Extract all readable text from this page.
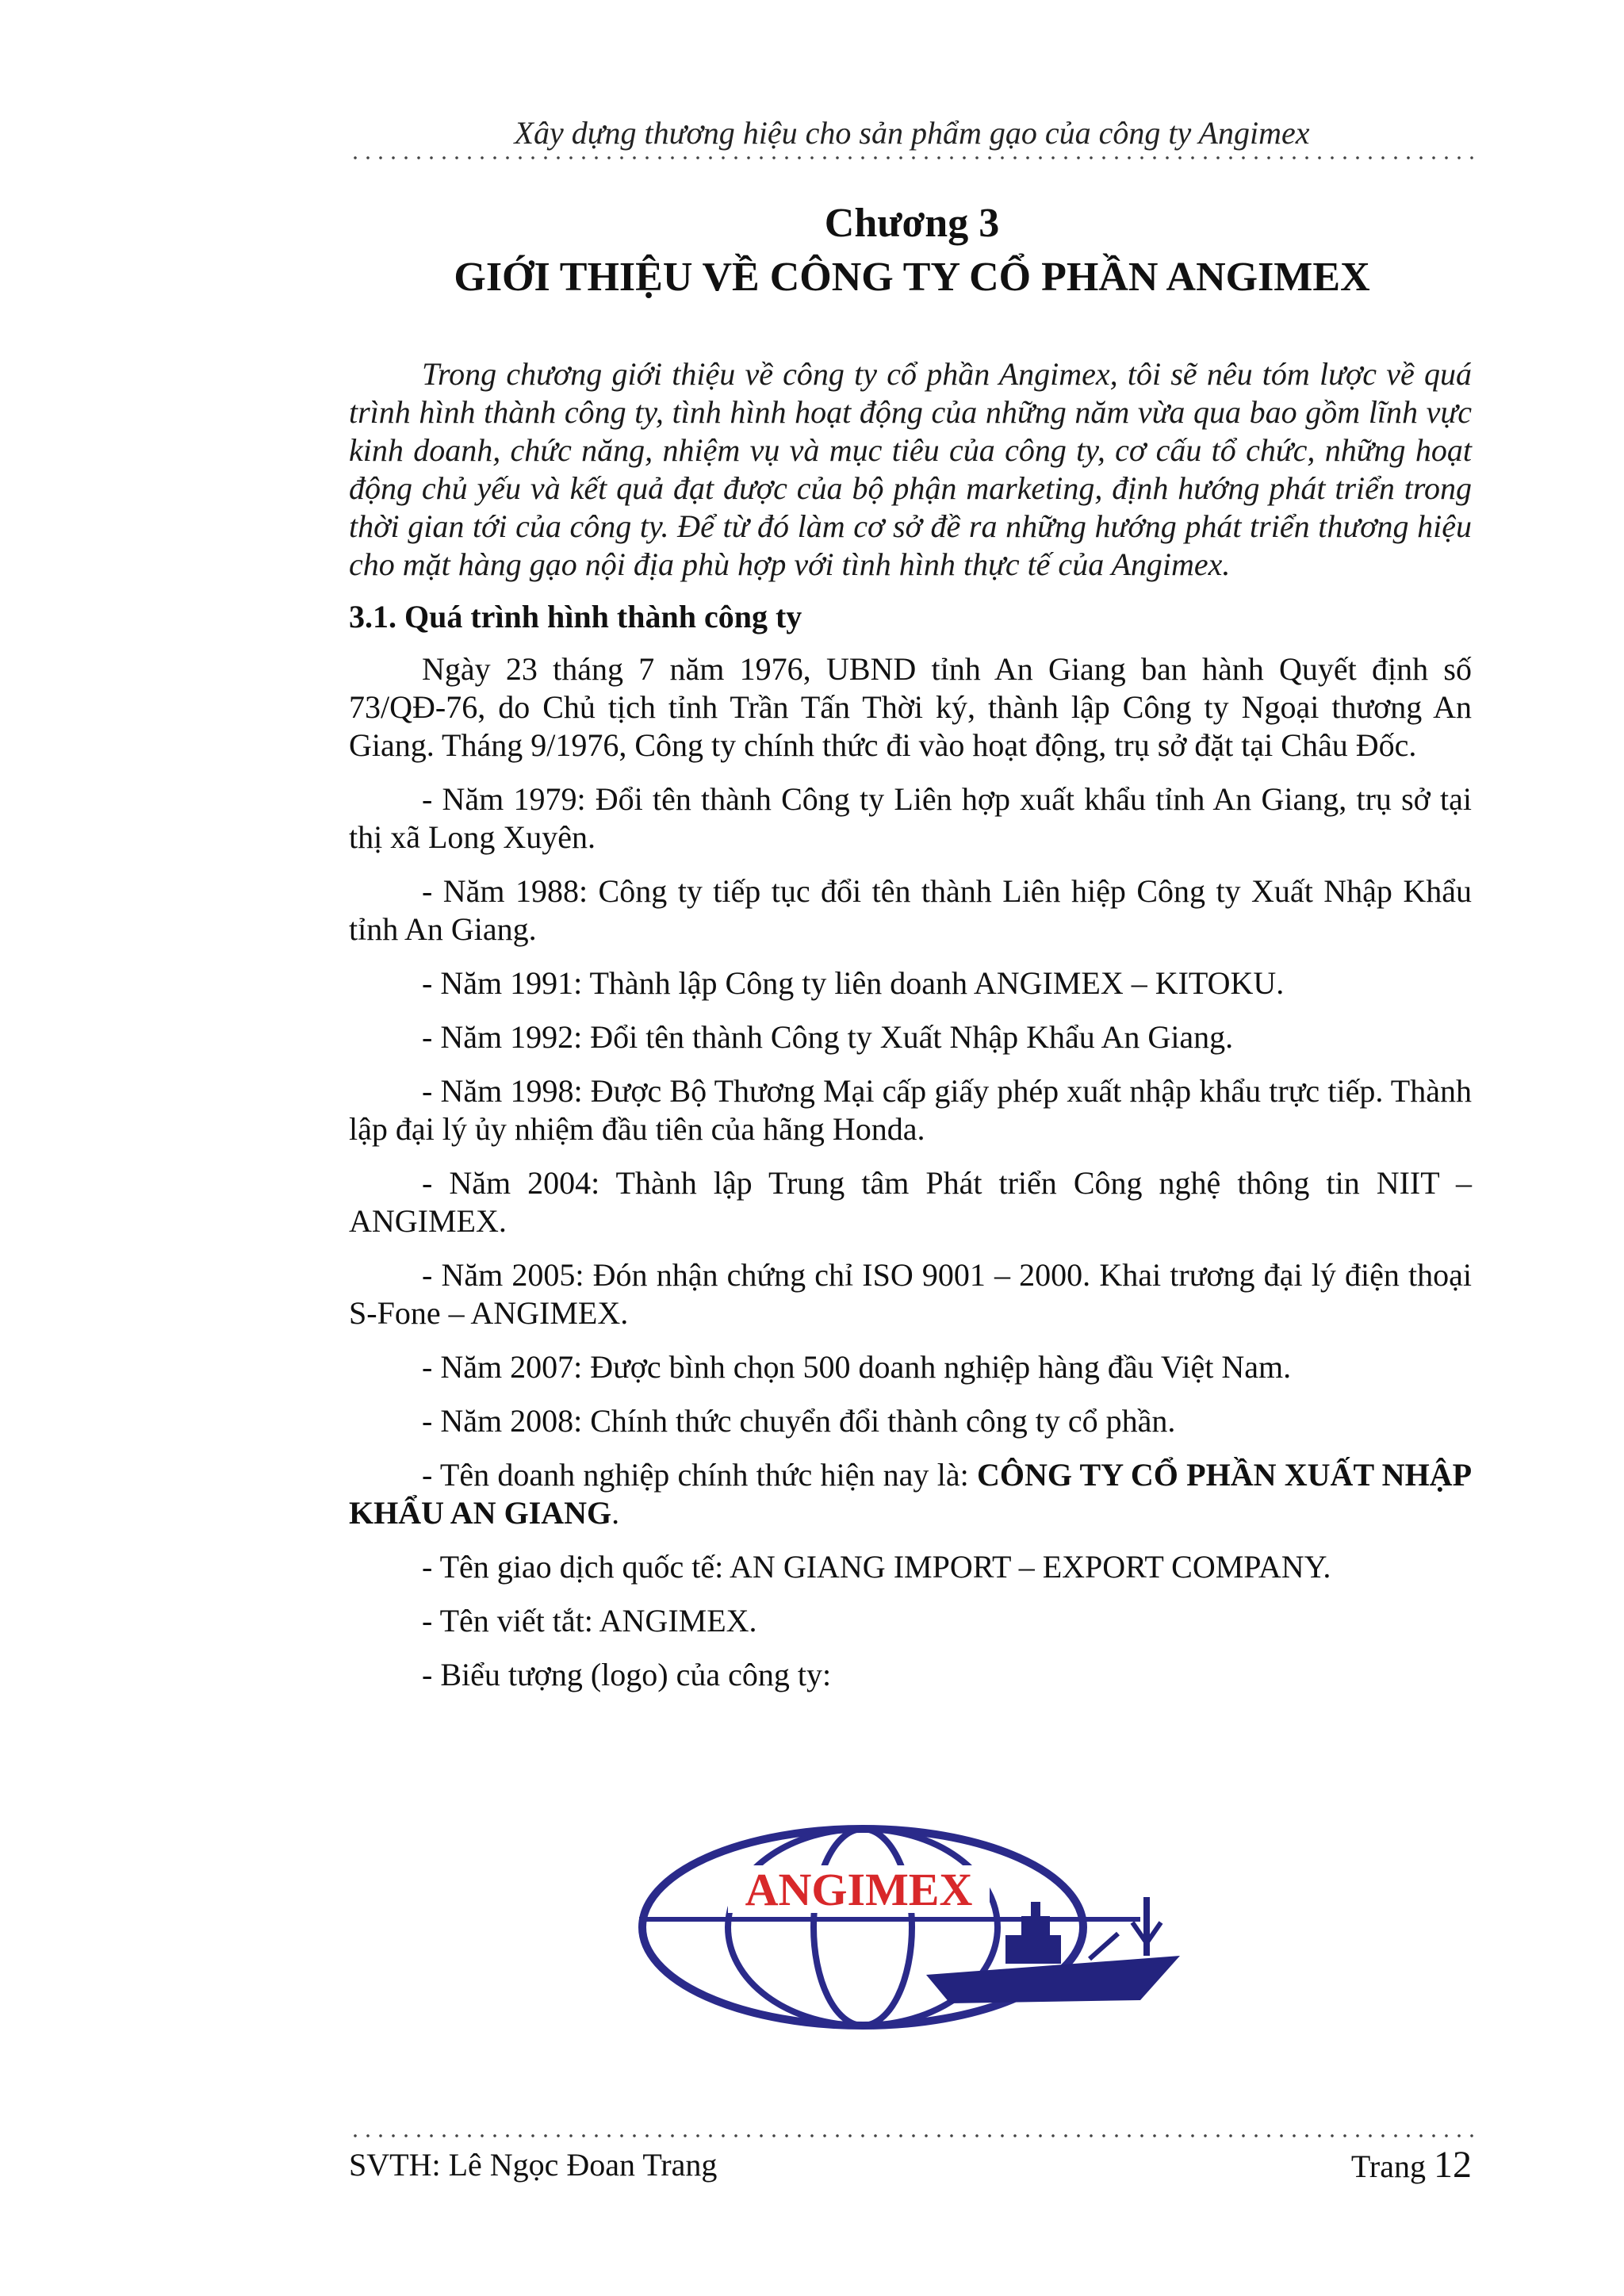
Xây dựng thương hiệu cho sản phẩm gạo của công ty Angimex
Chương 3
GIỚI THIỆU VỀ CÔNG TY CỔ PHẦN ANGIMEX

Trong chương giới thiệu về công ty cổ phần Angimex, tôi sẽ nêu tóm lược về quá trình hình thành công ty, tình hình hoạt động của những năm vừa qua bao gồm lĩnh vực kinh doanh, chức năng, nhiệm vụ và mục tiêu của công ty, cơ cấu tổ chức, những hoạt động chủ yếu và kết quả đạt được của bộ phận marketing, định hướng phát triển trong thời gian tới của công ty. Để từ đó làm cơ sở đề ra những hướng phát triển thương hiệu cho mặt hàng gạo nội địa phù hợp với tình hình thực tế của Angimex.

3.1. Quá trình hình thành công ty

Ngày 23 tháng 7 năm 1976, UBND tỉnh An Giang ban hành Quyết định số 73/QĐ-76, do Chủ tịch tỉnh Trần Tấn Thời ký, thành lập Công ty Ngoại thương An Giang. Tháng 9/1976, Công ty chính thức đi vào hoạt động, trụ sở đặt tại Châu Đốc.

- Năm 1979: Đổi tên thành Công ty Liên hợp xuất khẩu tỉnh An Giang, trụ sở tại thị xã Long Xuyên.

- Năm 1988: Công ty tiếp tục đổi tên thành Liên hiệp Công ty Xuất Nhập Khẩu tỉnh An Giang.

- Năm 1991: Thành lập Công ty liên doanh ANGIMEX – KITOKU.

- Năm 1992: Đổi tên thành Công ty Xuất Nhập Khẩu An Giang.

- Năm 1998: Được Bộ Thương Mại cấp giấy phép xuất nhập khẩu trực tiếp. Thành lập đại lý ủy nhiệm đầu tiên của hãng Honda.

- Năm 2004: Thành lập Trung tâm Phát triển Công nghệ thông tin NIIT – ANGIMEX.

- Năm 2005: Đón nhận chứng chỉ ISO 9001 – 2000. Khai trương đại lý điện thoại S-Fone – ANGIMEX.

- Năm 2007: Được bình chọn 500 doanh nghiệp hàng đầu Việt Nam.

- Năm 2008: Chính thức chuyển đổi thành công ty cổ phần.

- Tên doanh nghiệp chính thức hiện nay là: CÔNG TY CỔ PHẦN XUẤT NHẬP KHẨU AN GIANG.

- Tên giao dịch quốc tế: AN GIANG IMPORT – EXPORT COMPANY.

- Tên viết tắt: ANGIMEX.

- Biểu tượng (logo) của công ty:

ANGIMEX
SVTH: Lê Ngọc Đoan Trang	Trang 12
